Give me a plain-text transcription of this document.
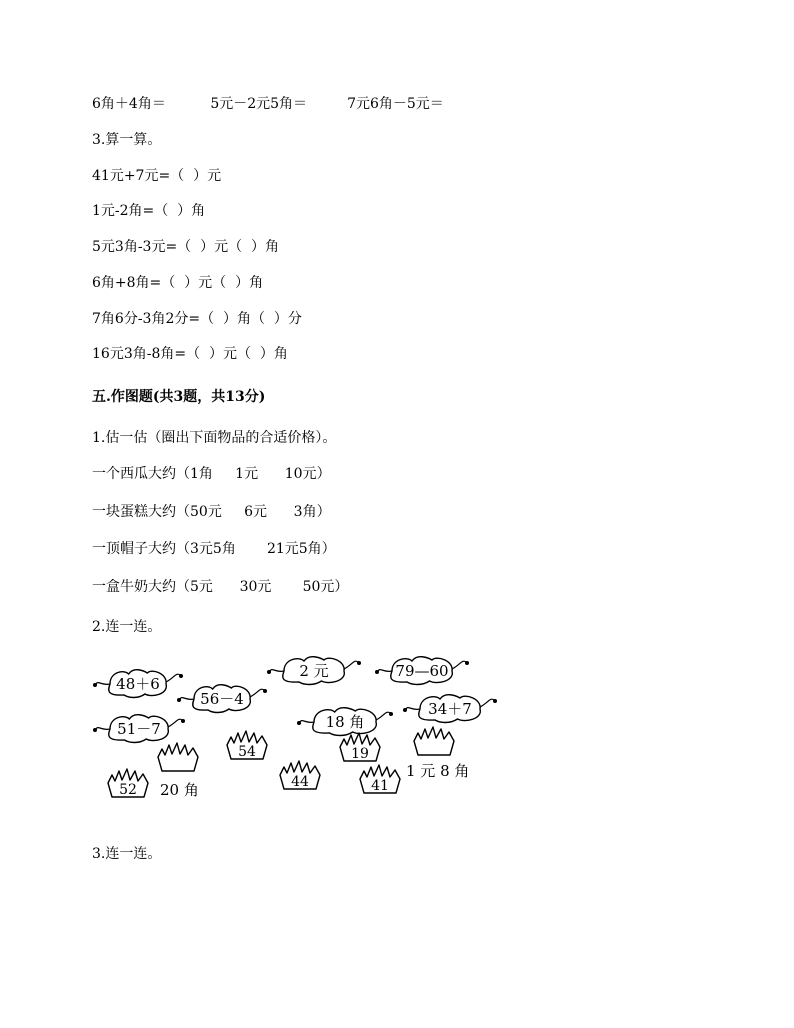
6角＋4角＝          5元－2元5角＝         7元6角－5元＝
3.算一算。
41元+7元=（  ）元
1元-2角=（  ）角
5元3角-3元=（  ）元（  ）角
6角+8角=（  ）元（  ）角
7角6分-3角2分=（  ）角（  ）分
16元3角-8角=（  ）元（  ）角
五.作图题(共3题，共13分)
1.估一估（圈出下面物品的合适价格）。
一个西瓜大约（1角     1元      10元）
一块蛋糕大约（50元     6元      3角）
一顶帽子大约（3元5角       21元5角）
一盒牛奶大约（5元      30元       50元）
2.连一连。
48＋6
56－4
51－7
2 元
18 角
79—60
34＋7
52
54
44
19
41
20 角
1 元 8 角
3.连一连。
